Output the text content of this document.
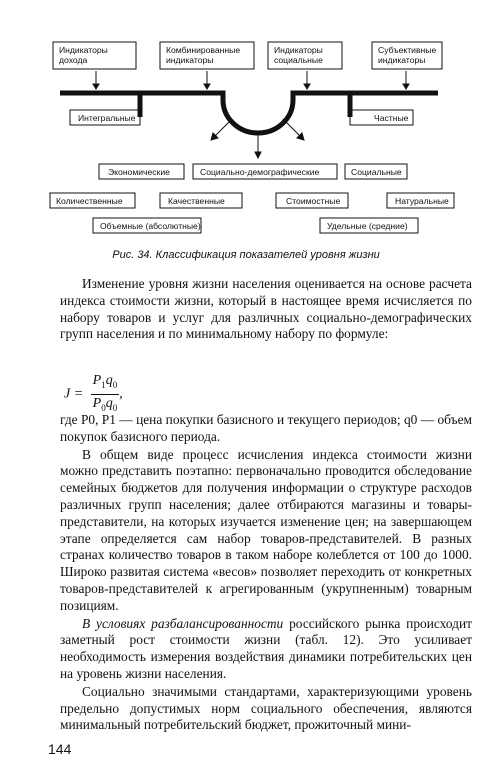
Индикаторы дохода
Комбинированные индикаторы
Индикаторы социальные
Субъективные индикаторы
Интегральные	Частные
Экономические	Социально-демографические	Социальные
Количественные	Качественные	Стоимостные	Натуральные
Объемные (абсолютные)	Удельные (средние)
Рис. 34. Классификация показателей уровня жизни

Изменение уровня жизни населения оценивается на основе расчета индекса стоимости жизни, который в настоящее время исчисляется по набору товаров и услуг для различных социально-демографических групп населения и по минимальному набору по формуле:

$J = \frac{P_1q_0}{P_0q_0}$ ,

где P0, P1 — цена покупки базисного и текущего периодов; q0 — объем покупок базисного периода.

В общем виде процесс исчисления индекса стоимости жизни можно представить поэтапно: первоначально проводится обследование семейных бюджетов для получения информации о структуре расходов различных групп населения; далее отбираются магазины и товары-представители, на которых изучается изменение цен; на завершающем этапе определяется сам набор товаров-представителей. В разных странах количество товаров в таком наборе колеблется от 100 до 1000. Широко развитая система «весов» позволяет переходить от конкретных товаров-представителей к агрегированным (укрупненным) товарным позициям.

В условиях разбалансированности российского рынка происходит заметный рост стоимости жизни (табл. 12). Это усиливает необходимость измерения воздействия динамики потребительских цен на уровень жизни населения.

Социально значимыми стандартами, характеризующими уровень предельно допустимых норм социального обеспечения, являются минимальный потребительский бюджет, прожиточный мини-

144
